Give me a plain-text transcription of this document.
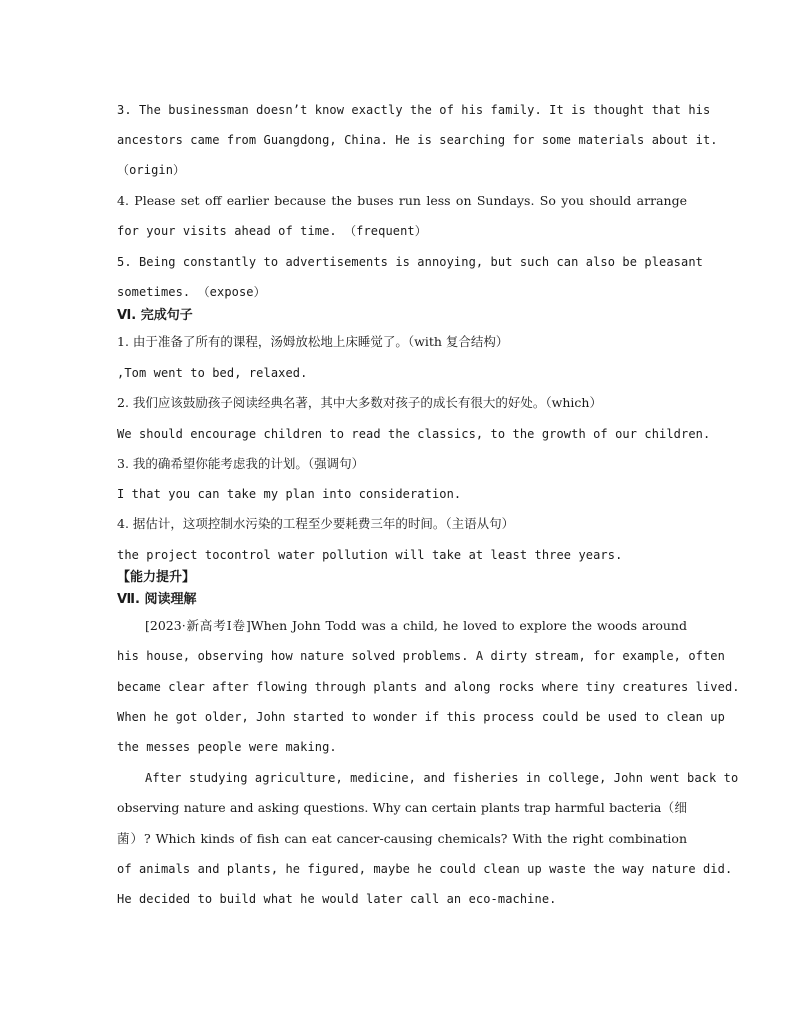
3. The businessman doesn’t know exactly the of his family. It is thought that his
ancestors came from Guangdong, China. He is searching for some materials about it.
（origin）
4. Please set off earlier because the buses run less on Sundays. So you should arrange
for your visits ahead of time. （frequent）
5. Being constantly to advertisements is annoying, but such can also be pleasant
sometimes. （expose）
Ⅵ. 完成句子
1. 由于准备了所有的课程，汤姆放松地上床睡觉了。（with 复合结构）
,Tom went to bed, relaxed.
2. 我们应该鼓励孩子阅读经典名著，其中大多数对孩子的成长有很大的好处。（which）
We should encourage children to read the classics, to the growth of our children.
3. 我的确希望你能考虑我的计划。（强调句）
I that you can take my plan into consideration.
4. 据估计，这项控制水污染的工程至少要耗费三年的时间。（主语从句）
the project tocontrol water pollution will take at least three years.
【能力提升】
Ⅶ. 阅读理解
[2023·新高考Ⅰ卷]When John Todd was a child, he loved to explore the woods around
his house, observing how nature solved problems. A dirty stream, for example, often
became clear after flowing through plants and along rocks where tiny creatures lived.
When he got older, John started to wonder if this process could be used to clean up
the messes people were making.
After studying agriculture, medicine, and fisheries in college, John went back to
observing nature and asking questions. Why can certain plants trap harmful bacteria（细
菌）? Which kinds of fish can eat cancer-causing chemicals? With the right combination
of animals and plants, he figured, maybe he could clean up waste the way nature did.
He decided to build what he would later call an eco-machine.
